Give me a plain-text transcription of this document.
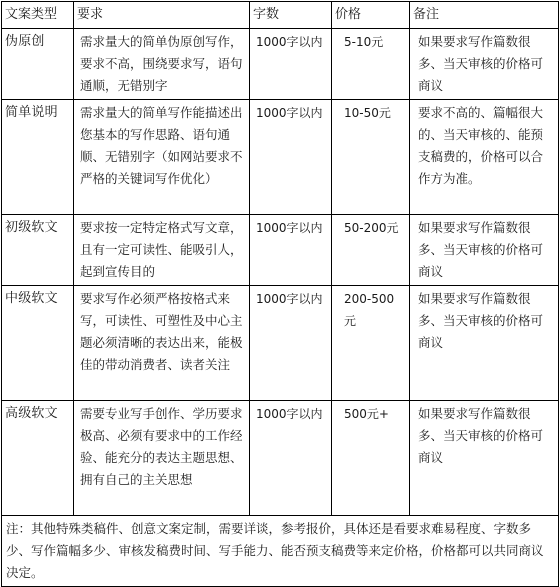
文案类型	要求	字数	价格	备注
伪原创	需求量大的简单伪原创写作，要求不高，围绕要求写，语句通顺，无错别字	1000字以内	5-10元	如果要求写作篇数很多、当天审核的价格可商议
简单说明	需求量大的简单写作能描述出您基本的写作思路、语句通顺、无错别字（如网站要求不严格的关键词写作优化）	1000字以内	10-50元	要求不高的、篇幅很大的、当天审核的、能预支稿费的，价格可以合作方为准。
初级软文	要求按一定特定格式写文章，且有一定可读性、能吸引人，起到宣传目的	1000字以内	50-200元	如果要求写作篇数很多、当天审核的价格可商议
中级软文	要求写作必须严格按格式来写，可读性、可塑性及中心主题必须清晰的表达出来，能极佳的带动消费者、读者关注	1000字以内	200-500元	如果要求写作篇数很多、当天审核的价格可商议
高级软文	需要专业写手创作、学历要求极高、必须有要求中的工作经验、能充分的表达主题思想、拥有自己的主关思想	1000字以内	500元+	如果要求写作篇数很多、当天审核的价格可商议
注：其他特殊类稿件、创意文案定制，需要详谈，参考报价，具体还是看要求难易程度、字数多少、写作篇幅多少、审核发稿费时间、写手能力、能否预支稿费等来定价格，价格都可以共同商议决定。				
